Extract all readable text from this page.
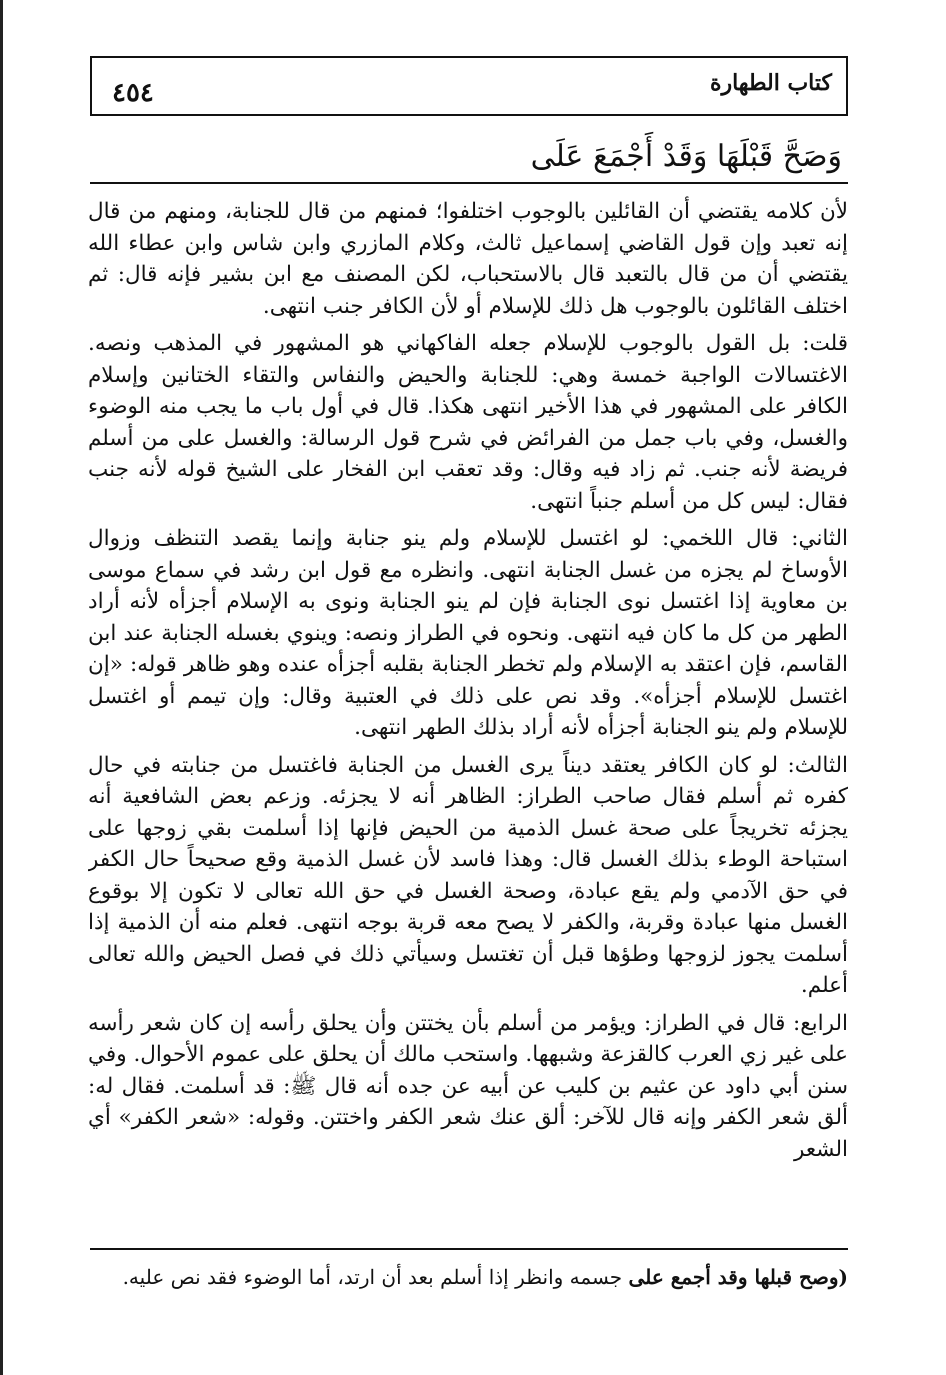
كتاب الطهارة
٤٥٤
وَصَحَّ قَبْلَهَا وَقَدْ أَجْمَعَ عَلَى

لأن كلامه يقتضي أن القائلين بالوجوب اختلفوا؛ فمنهم من قال للجنابة، ومنهم من قال إنه تعبد وإن قول القاضي إسماعيل ثالث، وكلام المازري وابن شاس وابن عطاء الله يقتضي أن من قال بالتعبد قال بالاستحباب، لكن المصنف مع ابن بشير فإنه قال: ثم اختلف القائلون بالوجوب هل ذلك للإسلام أو لأن الكافر جنب انتهى.

قلت: بل القول بالوجوب للإسلام جعله الفاكهاني هو المشهور في المذهب ونصه. الاغتسالات الواجبة خمسة وهي: للجنابة والحيض والنفاس والتقاء الختانين وإسلام الكافر على المشهور في هذا الأخير انتهى هكذا. قال في أول باب ما يجب منه الوضوء والغسل، وفي باب جمل من الفرائض في شرح قول الرسالة: والغسل على من أسلم فريضة لأنه جنب. ثم زاد فيه وقال: وقد تعقب ابن الفخار على الشيخ قوله لأنه جنب فقال: ليس كل من أسلم جنباً انتهى.

الثاني: قال اللخمي: لو اغتسل للإسلام ولم ينو جنابة وإنما يقصد التنظف وزوال الأوساخ لم يجزه من غسل الجنابة انتهى. وانظره مع قول ابن رشد في سماع موسى بن معاوية إذا اغتسل نوى الجنابة فإن لم ينو الجنابة ونوى به الإسلام أجزأه لأنه أراد الطهر من كل ما كان فيه انتهى. ونحوه في الطراز ونصه: وينوي بغسله الجنابة عند ابن القاسم، فإن اعتقد به الإسلام ولم تخطر الجنابة بقلبه أجزأه عنده وهو ظاهر قوله: «إن اغتسل للإسلام أجزأه». وقد نص على ذلك في العتبية وقال: وإن تيمم أو اغتسل للإسلام ولم ينو الجنابة أجزأه لأنه أراد بذلك الطهر انتهى.

الثالث: لو كان الكافر يعتقد ديناً يرى الغسل من الجنابة فاغتسل من جنابته في حال كفره ثم أسلم فقال صاحب الطراز: الظاهر أنه لا يجزئه. وزعم بعض الشافعية أنه يجزئه تخريجاً على صحة غسل الذمية من الحيض فإنها إذا أسلمت بقي زوجها على استباحة الوطء بذلك الغسل قال: وهذا فاسد لأن غسل الذمية وقع صحيحاً حال الكفر في حق الآدمي ولم يقع عبادة، وصحة الغسل في حق الله تعالى لا تكون إلا بوقوع الغسل منها عبادة وقربة، والكفر لا يصح معه قربة بوجه انتهى. فعلم منه أن الذمية إذا أسلمت يجوز لزوجها وطؤها قبل أن تغتسل وسيأتي ذلك في فصل الحيض والله تعالى أعلم.

الرابع: قال في الطراز: ويؤمر من أسلم بأن يختتن وأن يحلق رأسه إن كان شعر رأسه على غير زي العرب كالقزعة وشبهها. واستحب مالك أن يحلق على عموم الأحوال. وفي سنن أبي داود عن عثيم بن كليب عن أبيه عن جده أنه قال ﷺ: قد أسلمت. فقال له: ألق شعر الكفر وإنه قال للآخر: ألق عنك شعر الكفر واختتن. وقوله: «شعر الكفر» أي الشعر

(وصح قبلها وقد أجمع على جسمه وانظر إذا أسلم بعد أن ارتد، أما الوضوء فقد نص عليه.
